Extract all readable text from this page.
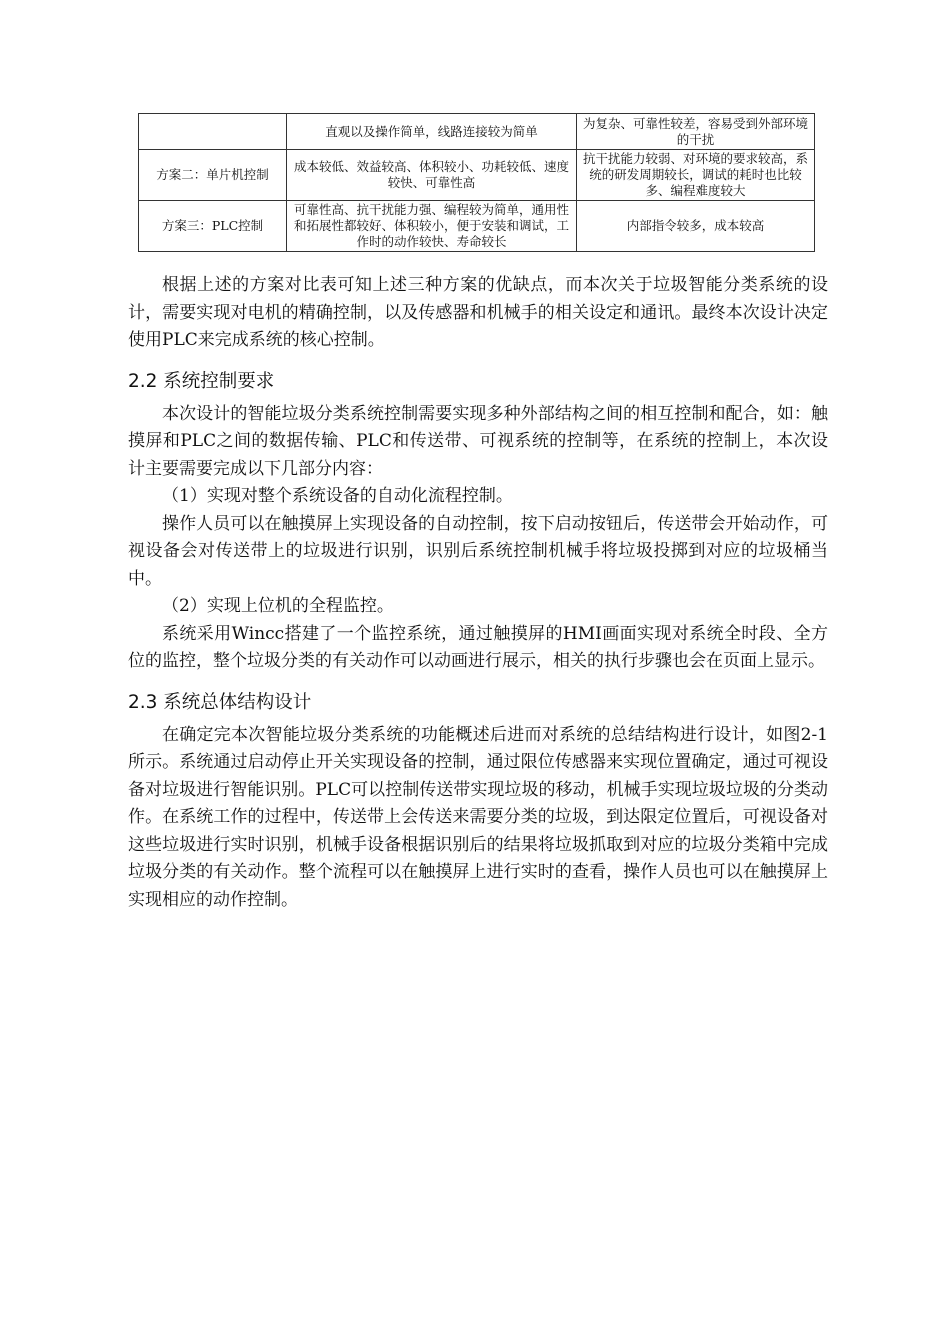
	直观以及操作简单，线路连接较为简单	为复杂、可靠性较差，容易受到外部环境的干扰
方案二：单片机控制	成本较低、效益较高、体积较小、功耗较低、速度较快、可靠性高	抗干扰能力较弱、对环境的要求较高，系统的研发周期较长，调试的耗时也比较多、编程难度较大
方案三：PLC控制	可靠性高、抗干扰能力强、编程较为简单，通用性和拓展性都较好、体积较小，便于安装和调试，工作时的动作较快、寿命较长	内部指令较多，成本较高

根据上述的方案对比表可知上述三种方案的优缺点，而本次关于垃圾智能分类系统的设计，需要实现对电机的精确控制，以及传感器和机械手的相关设定和通讯。最终本次设计决定使用PLC来完成系统的核心控制。

2.2 系统控制要求

本次设计的智能垃圾分类系统控制需要实现多种外部结构之间的相互控制和配合，如：触摸屏和PLC之间的数据传输、PLC和传送带、可视系统的控制等，在系统的控制上，本次设计主要需要完成以下几部分内容：

（1）实现对整个系统设备的自动化流程控制。

操作人员可以在触摸屏上实现设备的自动控制，按下启动按钮后，传送带会开始动作，可视设备会对传送带上的垃圾进行识别，识别后系统控制机械手将垃圾投掷到对应的垃圾桶当中。

（2）实现上位机的全程监控。

系统采用Wincc搭建了一个监控系统，通过触摸屏的HMI画面实现对系统全时段、全方位的监控，整个垃圾分类的有关动作可以动画进行展示，相关的执行步骤也会在页面上显示。

2.3 系统总体结构设计

在确定完本次智能垃圾分类系统的功能概述后进而对系统的总结结构进行设计，如图2-1所示。系统通过启动停止开关实现设备的控制，通过限位传感器来实现位置确定，通过可视设备对垃圾进行智能识别。PLC可以控制传送带实现垃圾的移动，机械手实现垃圾垃圾的分类动作。在系统工作的过程中，传送带上会传送来需要分类的垃圾，到达限定位置后，可视设备对这些垃圾进行实时识别，机械手设备根据识别后的结果将垃圾抓取到对应的垃圾分类箱中完成垃圾分类的有关动作。整个流程可以在触摸屏上进行实时的查看，操作人员也可以在触摸屏上实现相应的动作控制。
